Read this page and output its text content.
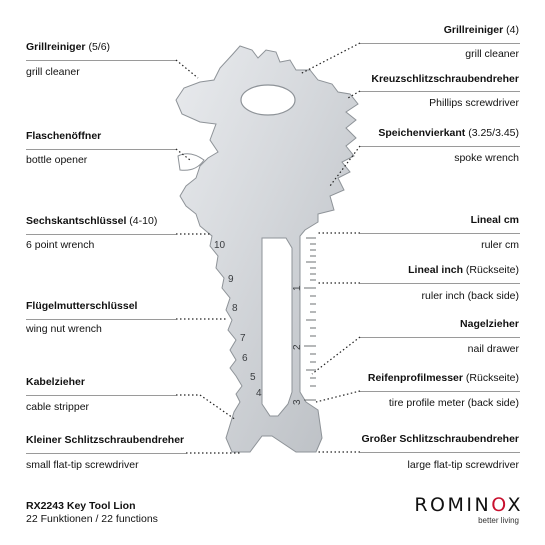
Grillreiniger (5/6)
grill cleaner
Flaschenöffner
bottle opener
Sechskantschlüssel (4-10)
6 point wrench
Flügelmutterschlüssel
wing nut wrench
Kabelzieher
cable stripper
Kleiner Schlitzschraubendreher
small flat-tip screwdriver
Grillreiniger (4)
grill cleaner
Kreuzschlitzschraubendreher
Phillips screwdriver
Speichenvierkant (3.25/3.45)
spoke wrench
Lineal cm
ruler cm
Lineal inch (Rückseite)
ruler inch (back side)
Nagelzieher
nail drawer
Reifenprofilmesser (Rückseite)
tire profile meter (back side)
Großer Schlitzschraubendreher
large flat-tip screwdriver
1
2
3
10
9
8
7
6
5
4
RX2243 Key Tool Lion
22 Funktionen / 22 functions
ROMINOX
better living
